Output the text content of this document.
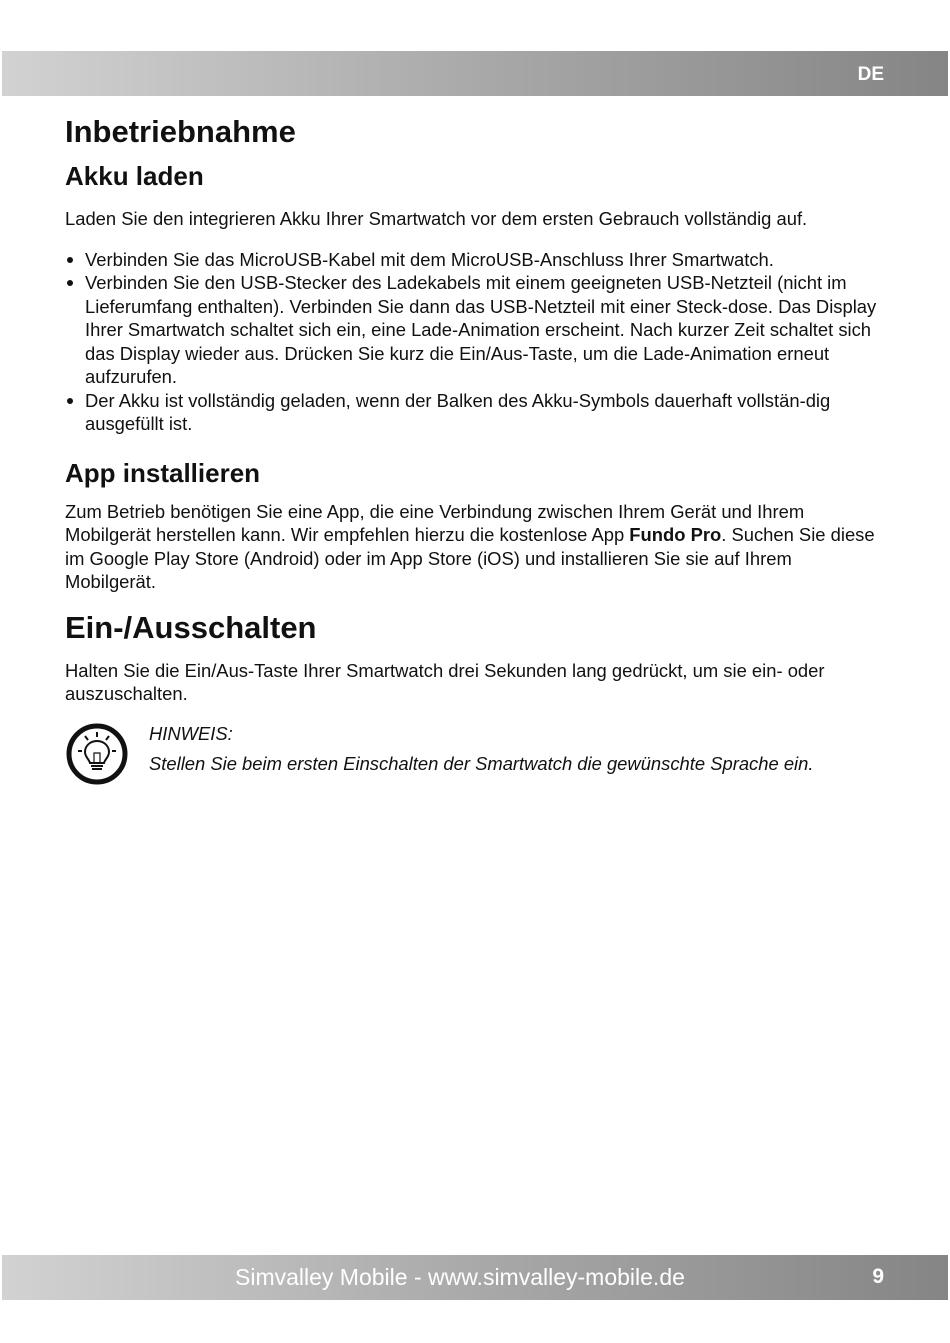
DE
Inbetriebnahme
Akku laden

Laden Sie den integrieren Akku Ihrer Smartwatch vor dem ersten Gebrauch vollständig auf.

Verbinden Sie das MicroUSB-Kabel mit dem MicroUSB-Anschluss Ihrer Smartwatch.
Verbinden Sie den USB-Stecker des Ladekabels mit einem geeigneten USB-Netzteil (nicht im Lieferumfang enthalten). Verbinden Sie dann das USB-Netzteil mit einer Steck-dose. Das Display Ihrer Smartwatch schaltet sich ein, eine Lade-Animation erscheint. Nach kurzer Zeit schaltet sich das Display wieder aus. Drücken Sie kurz die Ein/Aus-Taste, um die Lade-Animation erneut aufzurufen.
Der Akku ist vollständig geladen, wenn der Balken des Akku-Symbols dauerhaft vollstän-dig ausgefüllt ist.
App installieren

Zum Betrieb benötigen Sie eine App, die eine Verbindung zwischen Ihrem Gerät und Ihrem Mobilgerät herstellen kann. Wir empfehlen hierzu die kostenlose App Fundo Pro. Suchen Sie diese im Google Play Store (Android) oder im App Store (iOS) und installieren Sie sie auf Ihrem Mobilgerät.

Ein-/Ausschalten

Halten Sie die Ein/Aus-Taste Ihrer Smartwatch drei Sekunden lang gedrückt, um sie ein- oder auszuschalten.

HINWEIS:
Stellen Sie beim ersten Einschalten der Smartwatch die gewünschte Sprache ein.
Simvalley Mobile - www.simvalley-mobile.de	9
